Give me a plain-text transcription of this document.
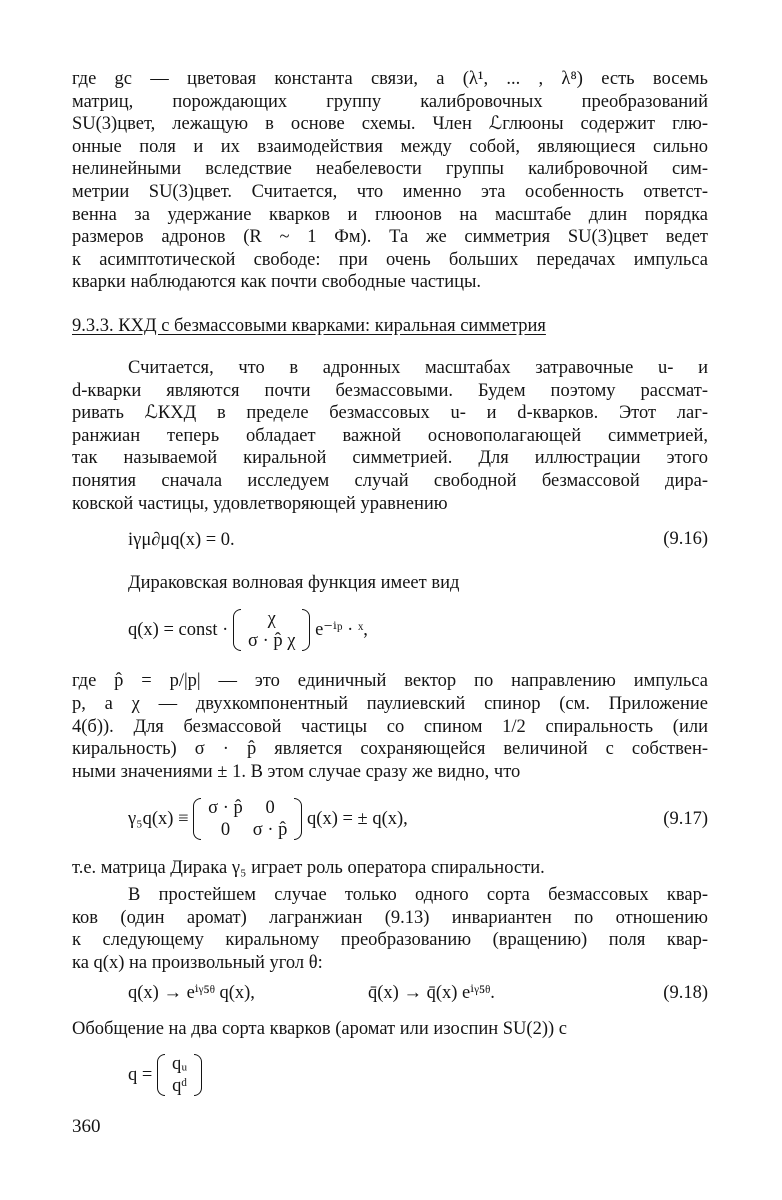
где gс — цветовая константа связи, а (λ¹, ... , λ⁸) есть восемь
матриц, порождающих группу калибровочных преобразований
SU(3)цвет, лежащую в основе схемы. Член ℒглюоны содержит глю-
онные поля и их взаимодействия между собой, являющиеся сильно
нелинейными вследствие неабелевости группы калибровочной сим-
метрии SU(3)цвет. Считается, что именно эта особенность ответст-
венна за удержание кварков и глюонов на масштабе длин порядка
размеров адронов (R ~ 1 Фм). Та же симметрия SU(3)цвет ведет
к асимптотической свободе: при очень больших передачах импульса
кварки наблюдаются как почти свободные частицы.

9.3.3. КХД с безмассовыми кварками: киральная симметрия

Считается, что в адронных масштабах затравочные u- и
d-кварки являются почти безмассовыми. Будем поэтому рассмат-
ривать ℒКХД в пределе безмассовых u- и d-кварков. Этот лаг-
ранжиан теперь обладает важной основополагающей симметрией,
так называемой киральной симметрией. Для иллюстрации этого
понятия сначала исследуем случай свободной безмассовой дира-
ковской частицы, удовлетворяющей уравнению

iγμ∂μq(x) = 0.	(9.16)

Дираковская волновая функция имеет вид

q(x) = const ·
χ
σ · p̂ χ
e⁻ⁱᵖ · ˣ,

где p̂ = p/|p| — это единичный вектор по направлению импульса
p, а χ — двухкомпонентный паулиевский спинор (см. Приложение
4(б)). Для безмассовой частицы со спином 1/2 спиральность (или
киральность) σ · p̂ является сохраняющейся величиной с собствен-
ными значениями ± 1. В этом случае сразу же видно, что

γ₅q(x) ≡
σ · p̂	0
0	σ · p̂
q(x) = ± q(x),	(9.17)

т.е. матрица Дирака γ₅ играет роль оператора спиральности.

В простейшем случае только одного сорта безмассовых квар-
ков (один аромат) лагранжиан (9.13) инвариантен по отношению
к следующему киральному преобразованию (вращению) поля квар-
ка q(x) на произвольный угол θ:

q(x) → eⁱᵞ⁵ᶿ q(x),	q̄(x) → q̄(x) eⁱᵞ⁵ᶿ.	(9.18)

Обобщение на два сорта кварков (аромат или изоспин SU(2)) с

q =
qᵤ
qᵈ
360
